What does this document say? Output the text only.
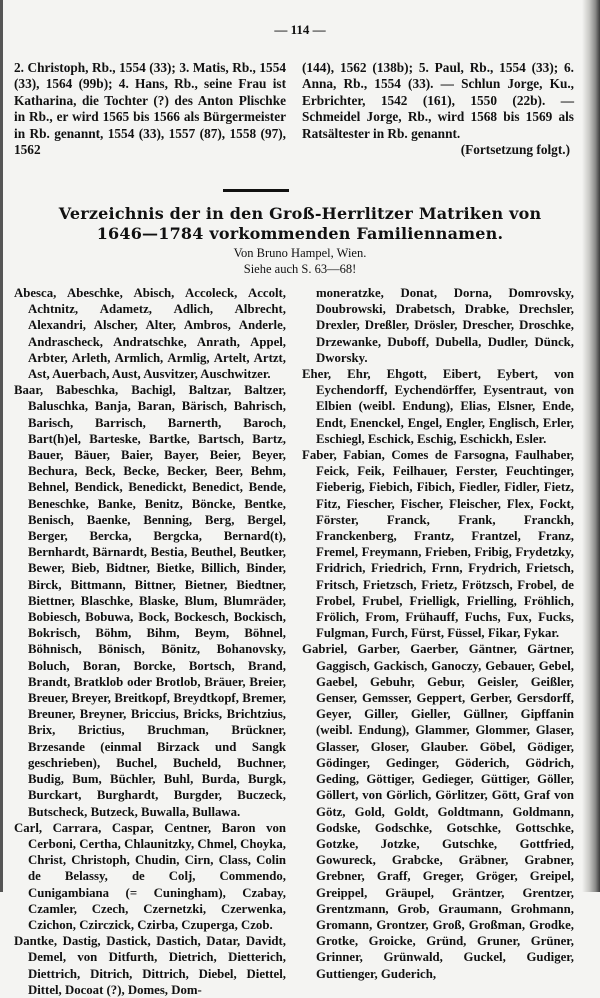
— 114 —

2. Christoph, Rb., 1554 (33); 3. Matis, Rb., 1554 (33), 1564 (99b); 4. Hans, Rb., seine Frau ist Katharina, die Tochter (?) des Anton Plischke in Rb., er wird 1565 bis 1566 als Bürgermeister in Rb. genannt, 1554 (33), 1557 (87), 1558 (97), 1562

(144), 1562 (138b); 5. Paul, Rb., 1554 (33); 6. Anna, Rb., 1554 (33). — Schlun Jorge, Ku., Erbrichter, 1542 (161), 1550 (22b). — Schmeidel Jorge, Rb., wird 1568 bis 1569 als Ratsältester in Rb. genannt.

(Fortsetzung folgt.)

Verzeichnis der in den Groß-Herrlitzer Matriken von
1646—1784 vorkommenden Familiennamen.
Von Bruno Hampel, Wien.
Siehe auch S. 63—68!

Abesca, Abeschke, Abisch, Accoleck, Accolt, Achtnitz, Adametz, Adlich, Albrecht, Alexandri, Alscher, Alter, Ambros, Anderle, Andrascheck, Andratschke, Anrath, Appel, Arbter, Arleth, Armlich, Armlig, Artelt, Artzt, Ast, Auerbach, Aust, Ausvitzer, Auschwitzer.

Baar, Babeschka, Bachigl, Baltzar, Baltzer, Baluschka, Banja, Baran, Bärisch, Bahrisch, Barisch, Barrisch, Barnerth, Baroch, Bart(h)el, Barteske, Bartke, Bartsch, Bartz, Bauer, Bäuer, Baier, Bayer, Beier, Beyer, Bechura, Beck, Becke, Becker, Beer, Behm, Behnel, Bendick, Benedickt, Benedict, Bende, Beneschke, Banke, Benitz, Böncke, Bentke, Benisch, Baenke, Benning, Berg, Bergel, Berger, Bercka, Bergcka, Bernard(t), Bernhardt, Bärnardt, Bestia, Beuthel, Beutker, Bewer, Bieb, Bidtner, Bietke, Billich, Binder, Birck, Bittmann, Bittner, Bietner, Biedtner, Biettner, Blaschke, Blaske, Blum, Blumräder, Bobiesch, Bobuwa, Bock, Bockesch, Bockisch, Bokrisch, Böhm, Bihm, Beym, Böhnel, Böhnisch, Bönisch, Bönitz, Bohanovsky, Boluch, Boran, Borcke, Bortsch, Brand, Brandt, Bratklob oder Brotlob, Bräuer, Breier, Breuer, Breyer, Breitkopf, Breydtkopf, Bremer, Breuner, Breyner, Briccius, Bricks, Brichtzius, Brix, Brictius, Bruchman, Brückner, Brzesande (einmal Birzack und Sangk geschrieben), Buchel, Bucheld, Buchner, Budig, Bum, Büchler, Buhl, Burda, Burgk, Burckart, Burghardt, Burgder, Buczeck, Butscheck, Butzeck, Buwalla, Bullawa.

Carl, Carrara, Caspar, Centner, Baron von Cerboni, Certha, Chlaunitzky, Chmel, Choyka, Christ, Christoph, Chudin, Cirn, Class, Colin de Belassy, de Colj, Commendo, Cunigambiana (= Cuningham), Czabay, Czamler, Czech, Czernetzki, Czerwenka, Czichon, Czirczick, Czirba, Czuperga, Czob.

Dantke, Dastig, Dastick, Dastich, Datar, Davidt, Demel, von Ditfurth, Dietrich, Dietterich, Diettrich, Ditrich, Dittrich, Diebel, Diettel, Dittel, Docoat (?), Domes, Dom-

moneratzke, Donat, Dorna, Domrovsky, Doubrowski, Drabetsch, Drabke, Drechsler, Drexler, Dreßler, Drösler, Drescher, Droschke, Drzewanke, Duboff, Dubella, Dudler, Dünck, Dworsky.

Eher, Ehr, Ehgott, Eibert, Eybert, von Eychendorff, Eychendörffer, Eysentraut, von Elbien (weibl. Endung), Elias, Elsner, Ende, Endt, Enenckel, Engel, Engler, Englisch, Erler, Eschiegl, Eschick, Eschig, Eschickh, Esler.

Faber, Fabian, Comes de Farsogna, Faulhaber, Feick, Feik, Feilhauer, Ferster, Feuchtinger, Fieberig, Fiebich, Fibich, Fiedler, Fidler, Fietz, Fitz, Fiescher, Fischer, Fleischer, Flex, Fockt, Förster, Franck, Frank, Franckh, Franckenberg, Frantz, Frantzel, Franz, Fremel, Freymann, Frieben, Fribig, Frydetzky, Fridrich, Friedrich, Frnn, Frydrich, Frietsch, Fritsch, Frietzsch, Frietz, Frötzsch, Frobel, de Frobel, Frubel, Frielligk, Frielling, Fröhlich, Frölich, From, Frühauff, Fuchs, Fux, Fucks, Fulgman, Furch, Fürst, Füssel, Fikar, Fykar.

Gabriel, Garber, Gaerber, Gäntner, Gärtner, Gaggisch, Gackisch, Ganoczy, Gebauer, Gebel, Gaebel, Gebuhr, Gebur, Geisler, Geißler, Genser, Gemsser, Geppert, Gerber, Gersdorff, Geyer, Giller, Gieller, Güllner, Gipffanin (weibl. Endung), Glammer, Glommer, Glaser, Glasser, Gloser, Glauber. Göbel, Gödiger, Gödinger, Gedinger, Göderich, Gödrich, Geding, Göttiger, Gedieger, Güttiger, Göller, Göllert, von Görlich, Görlitzer, Gött, Graf von Götz, Gold, Goldt, Goldtmann, Goldmann, Godske, Godschke, Gotschke, Gottschke, Gotzke, Jotzke, Gutschke, Gottfried, Gowureck, Grabcke, Gräbner, Grabner, Grebner, Graff, Greger, Gröger, Greipel, Greippel, Gräupel, Gräntzer, Grentzer, Grentzmann, Grob, Graumann, Grohmann, Gromann, Grontzer, Groß, Großman, Grodke, Grotke, Groicke, Gründ, Gruner, Grüner, Grinner, Grünwald, Guckel, Gudiger, Guttienger, Guderich,
